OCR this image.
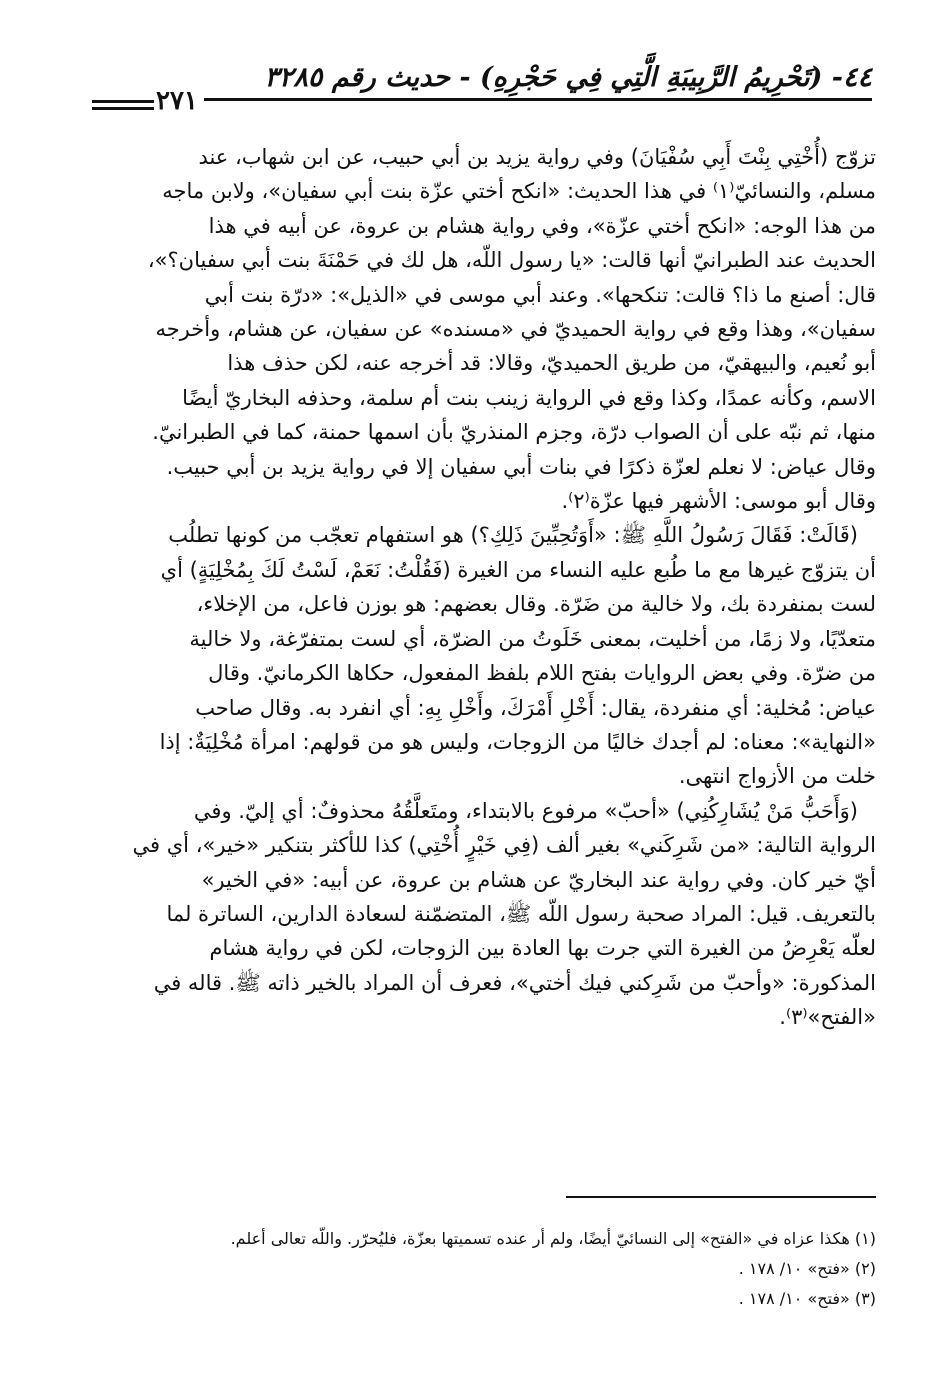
٤٤- (تَحْرِيمُ الرَّبِيبَةِ الَّتِي فِي حَجْرِهِ) - حديث رقم ٣٢٨٥
٢٧١

تزوّج (أُخْتِي بِنْتَ أَبِي سُفْيَانَ) وفي رواية يزيد بن أبي حبيب، عن ابن شهاب، عند

مسلم، والنسائيّ⁽١⁾ في هذا الحديث: «انكح أختي عزّة بنت أبي سفيان»، ولابن ماجه

من هذا الوجه: «انكح أختي عزّة»، وفي رواية هشام بن عروة، عن أبيه في هذا

الحديث عند الطبرانيّ أنها قالت: «يا رسول اللّه، هل لك في حَمْنَةَ بنت أبي سفيان؟»،

قال: أصنع ما ذا؟ قالت: تنكحها». وعند أبي موسى في «الذيل»: «درّة بنت أبي

سفيان»، وهذا وقع في رواية الحميديّ في «مسنده» عن سفيان، عن هشام، وأخرجه

أبو نُعيم، والبيهقيّ، من طريق الحميديّ، وقالا: قد أخرجه عنه، لكن حذف هذا

الاسم، وكأنه عمدًا، وكذا وقع في الرواية زينب بنت أم سلمة، وحذفه البخاريّ أيضًا

منها، ثم نبّه على أن الصواب درّة، وجزم المنذريّ بأن اسمها حمنة، كما في الطبرانيّ.

وقال عياض: لا نعلم لعزّة ذكرًا في بنات أبي سفيان إلا في رواية يزيد بن أبي حبيب.

وقال أبو موسى: الأشهر فيها عزّة⁽٢⁾.

(قَالَتْ: فَقَالَ رَسُولُ اللَّهِ ﷺ: «أَوَتُحِبِّينَ ذَلِكِ؟) هو استفهام تعجّب من كونها تطلُب

أن يتزوّج غيرها مع ما طُبع عليه النساء من الغيرة (فَقُلْتُ: نَعَمْ، لَسْتُ لَكَ بِمُخْلِيَةٍ) أي

لست بمنفردة بك، ولا خالية من ضَرّة. وقال بعضهم: هو بوزن فاعل، من الإخلاء،

متعدّيًا، ولا زمًا، من أخليت، بمعنى خَلَوتُ من الضرّة، أي لست بمتفرّغة، ولا خالية

من ضرّة. وفي بعض الروايات بفتح اللام بلفظ المفعول، حكاها الكرمانيّ. وقال

عياض: مُخلية: أي منفردة، يقال: أَخْلِ أَمْرَكَ، وأَخْلِ بِهِ: أي انفرد به. وقال صاحب

«النهاية»: معناه: لم أجدك خاليًا من الزوجات، وليس هو من قولهم: امرأة مُخْلِيَةٌ: إذا

خلت من الأزواج انتهى.

(وَأَحَبُّ مَنْ يُشَارِكُنِي) «أحبّ» مرفوع بالابتداء، ومتَعلَّقُهُ محذوفٌ: أي إليّ. وفي

الرواية التالية: «من شَرِكَني» بغير ألف (فِي خَيْرٍ أُخْتِي) كذا للأكثر بتنكير «خير»، أي في

أيّ خير كان. وفي رواية عند البخاريّ عن هشام بن عروة، عن أبيه: «في الخير»

بالتعريف. قيل: المراد صحبة رسول اللّه ﷺ، المتضمّنة لسعادة الدارين، الساترة لما

لعلّه يَعْرِضُ من الغيرة التي جرت بها العادة بين الزوجات، لكن في رواية هشام

المذكورة: «وأحبّ من شَرِكني فيك أختي»، فعرف أن المراد بالخير ذاته ﷺ. قاله في

«الفتح»⁽٣⁾.

(١) هكذا عزاه في «الفتح» إلى النسائيّ أيضًا، ولم أر عنده تسميتها بعزّة، فليُحرّر. واللّه تعالى أعلم.

(٢) «فتح» ١٠/ ١٧٨ .

(٣) «فتح» ١٠/ ١٧٨ .
